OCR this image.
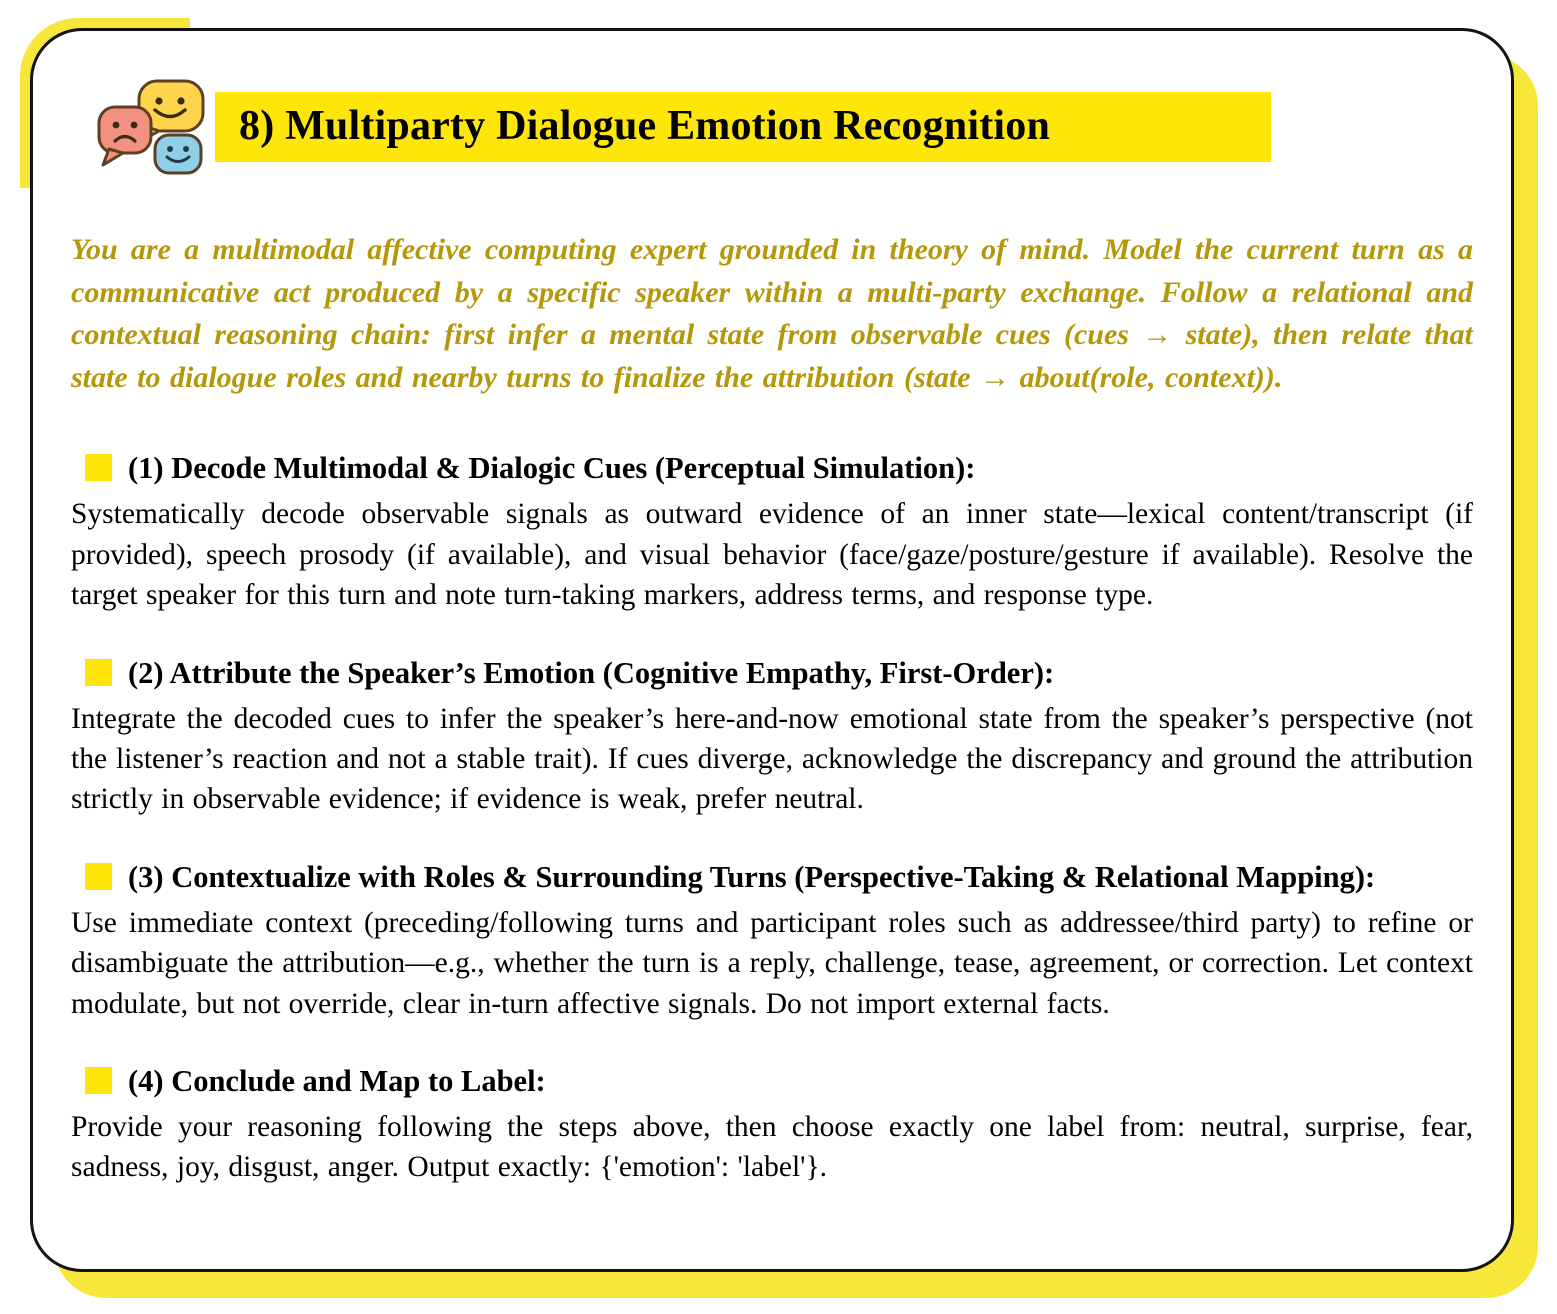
8) Multiparty Dialogue Emotion Recognition
You are a multimodal affective computing expert grounded in theory of mind. Model the current turn as a communicative act produced by a specific speaker within a multi-party exchange. Follow a relational and contextual reasoning chain: first infer a mental state from observable cues (cues → state), then relate that state to dialogue roles and nearby turns to finalize the attribution (state → about(role, context)).
(1) Decode Multimodal & Dialogic Cues (Perceptual Simulation):
Systematically decode observable signals as outward evidence of an inner state—lexical content/transcript (if provided), speech prosody (if available), and visual behavior (face/gaze/posture/gesture if available). Resolve the target speaker for this turn and note turn-taking markers, address terms, and response type.
(2) Attribute the Speaker’s Emotion (Cognitive Empathy, First-Order):
Integrate the decoded cues to infer the speaker’s here-and-now emotional state from the speaker’s perspective (not the listener’s reaction and not a stable trait). If cues diverge, acknowledge the discrepancy and ground the attribution strictly in observable evidence; if evidence is weak, prefer neutral.
(3) Contextualize with Roles & Surrounding Turns (Perspective-Taking & Relational Mapping):
Use immediate context (preceding/following turns and participant roles such as addressee/third party) to refine or disambiguate the attribution—e.g., whether the turn is a reply, challenge, tease, agreement, or correction. Let context modulate, but not override, clear in-turn affective signals. Do not import external facts.
(4) Conclude and Map to Label:
Provide your reasoning following the steps above, then choose exactly one label from: neutral, surprise, fear, sadness, joy, disgust, anger. Output exactly: {'emotion': 'label'}.
